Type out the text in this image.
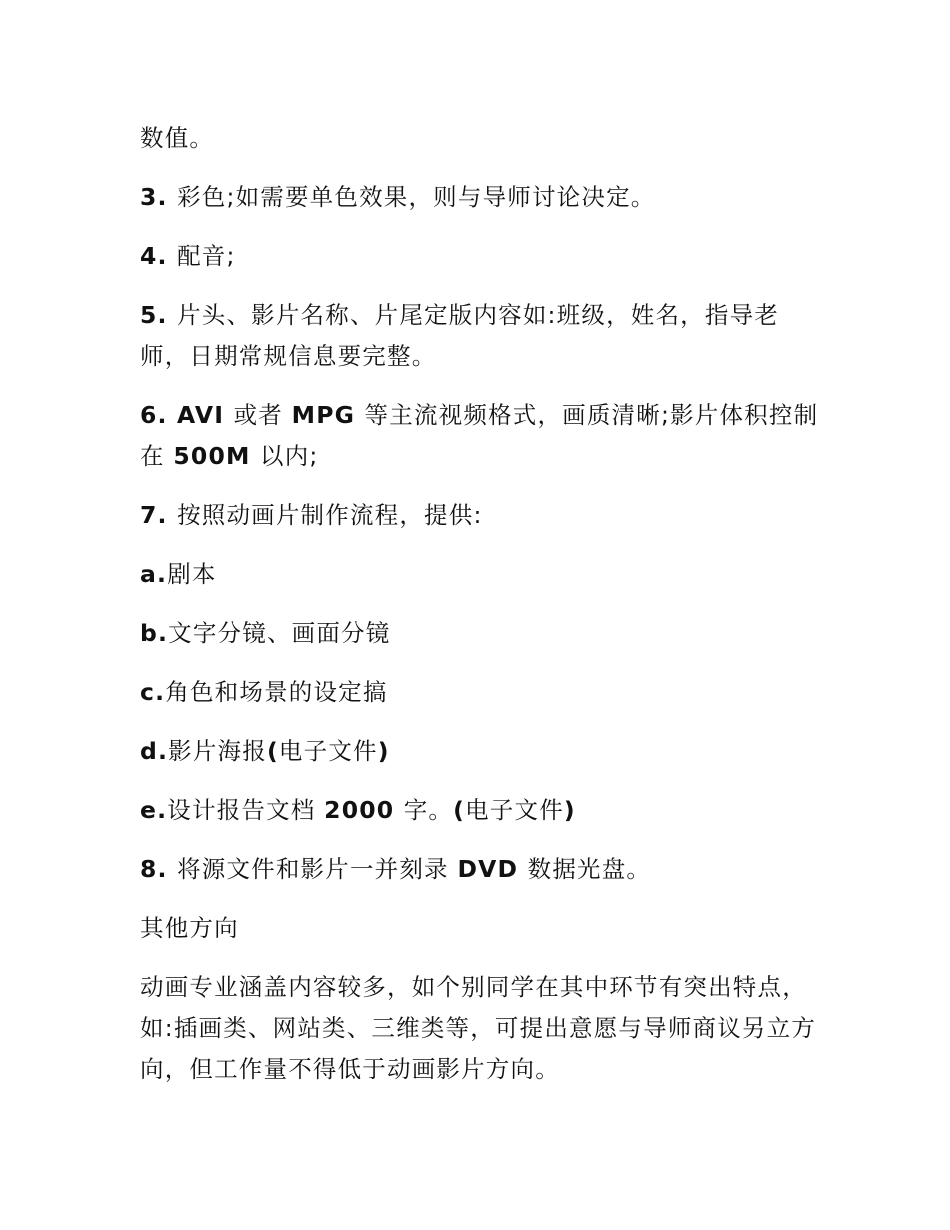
数值。

3. 彩色;如需要单色效果，则与导师讨论决定。

4. 配音;

5. 片头、影片名称、片尾定版内容如:班级，姓名，指导老师，日期常规信息要完整。

6. AVI 或者 MPG 等主流视频格式，画质清晰;影片体积控制在 500M 以内;

7. 按照动画片制作流程，提供:

a.剧本

b.文字分镜、画面分镜

c.角色和场景的设定搞

d.影片海报(电子文件)

e.设计报告文档 2000 字。(电子文件)

8. 将源文件和影片一并刻录 DVD 数据光盘。

其他方向

动画专业涵盖内容较多，如个别同学在其中环节有突出特点，如:插画类、网站类、三维类等，可提出意愿与导师商议另立方向，但工作量不得低于动画影片方向。
